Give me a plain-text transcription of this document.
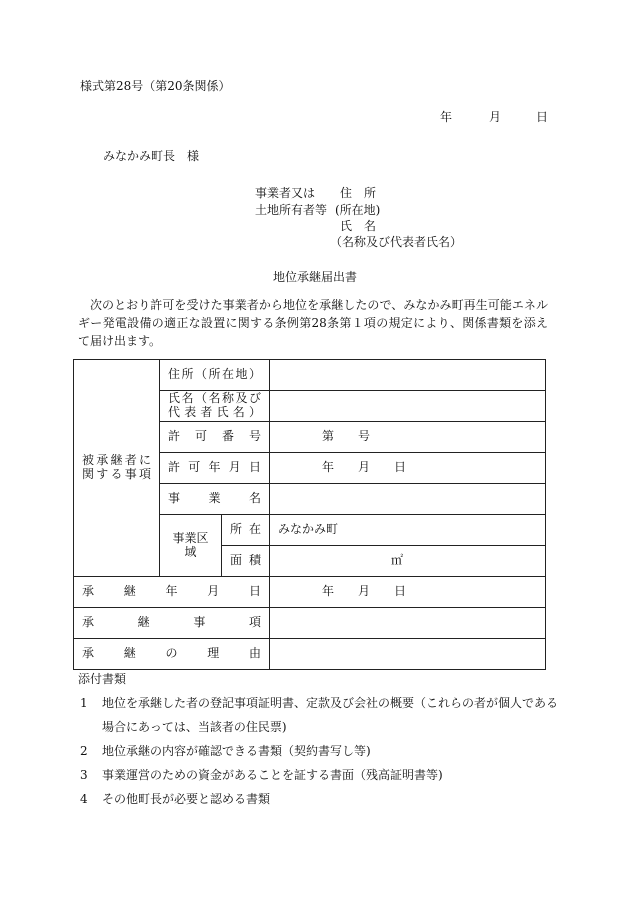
様式第28号（第20条関係）
年	月	日
みなかみ町長　様
事業者又は
土地所有者等
住　所
(所在地)
氏　名
（名称及び代表者氏名）
地位承継届出書
次のとおり許可を受けた事業者から地位を承継したので、みなかみ町再生可能エネルギー発電設備の適正な設置に関する条例第28条第１項の規定により、関係書類を添えて届け出ます。
被承継者に関する事項	住所（所在地）		
	氏名（名称及び代表者氏名）		
	許可番号		第　　号
	許可年月日		年　　月　　日
	事業名		
	事業区域	所在	みなかみ町
		面積	㎡
承継年月日			年　　月　　日
承継事項			
承継の理由			
添付書類
1 地位を承継した者の登記事項証明書、定款及び会社の概要（これらの者が個人である
場合にあっては、当該者の住民票)
2 地位承継の内容が確認できる書類（契約書写し等)
3 事業運営のための資金があることを証する書面（残高証明書等)
4 その他町長が必要と認める書類
